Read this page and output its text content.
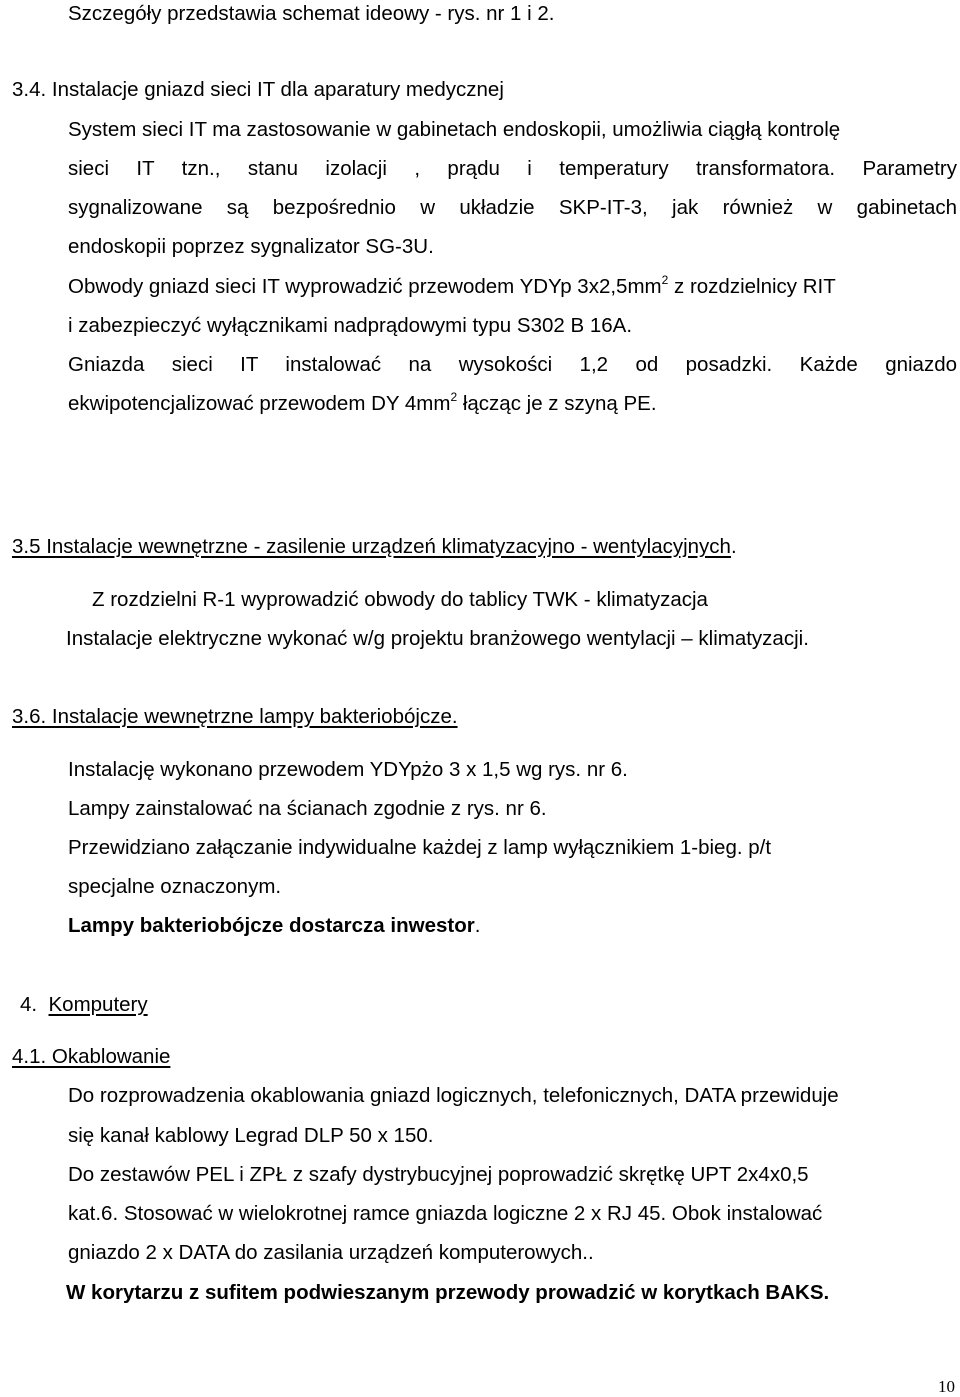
Szczegóły przedstawia schemat ideowy - rys. nr 1 i 2.
3.4. Instalacje gniazd sieci IT dla aparatury medycznej
System sieci IT ma zastosowanie w gabinetach endoskopii, umożliwia ciągłą kontrolę
sieci IT tzn., stanu izolacji , prądu i temperatury transformatora. Parametry
sygnalizowane są bezpośrednio w układzie SKP-IT-3, jak również w gabinetach
endoskopii poprzez sygnalizator SG-3U.
Obwody gniazd sieci IT wyprowadzić przewodem YDYp $3x2,5mm^2$ z rozdzielnicy RIT
i zabezpieczyć wyłącznikami nadprądowymi typu S302 B 16A.
Gniazda sieci IT instalować na wysokości 1,2 od posadzki. Każde gniazdo
ekwipotencjalizować przewodem DY $4mm^2$ łącząc je z szyną PE.
3.5 Instalacje wewnętrzne - zasilenie urządzeń klimatyzacyjno - wentylacyjnych.
Z rozdzielni R-1 wyprowadzić obwody do tablicy TWK - klimatyzacja
Instalacje elektryczne wykonać w/g projektu branżowego wentylacji – klimatyzacji.
3.6. Instalacje wewnętrzne lampy bakteriobójcze.
Instalację wykonano przewodem YDYpżo 3 x 1,5 wg rys. nr 6.
Lampy zainstalować na ścianach zgodnie z rys. nr 6.
Przewidziano załączanie indywidualne każdej z lamp wyłącznikiem 1-bieg. p/t
specjalne oznaczonym.
Lampy bakteriobójcze dostarcza inwestor.
4.  Komputery
4.1. Okablowanie
Do rozprowadzenia okablowania gniazd logicznych, telefonicznych, DATA przewiduje
się kanał kablowy Legrad DLP 50 x 150.
Do zestawów PEL i ZPŁ z szafy dystrybucyjnej poprowadzić skrętkę UPT 2x4x0,5
kat.6. Stosować w wielokrotnej ramce gniazda logiczne 2 x RJ 45. Obok instalować
gniazdo 2 x DATA do zasilania urządzeń komputerowych..
W korytarzu z sufitem podwieszanym przewody prowadzić w korytkach BAKS.
10
